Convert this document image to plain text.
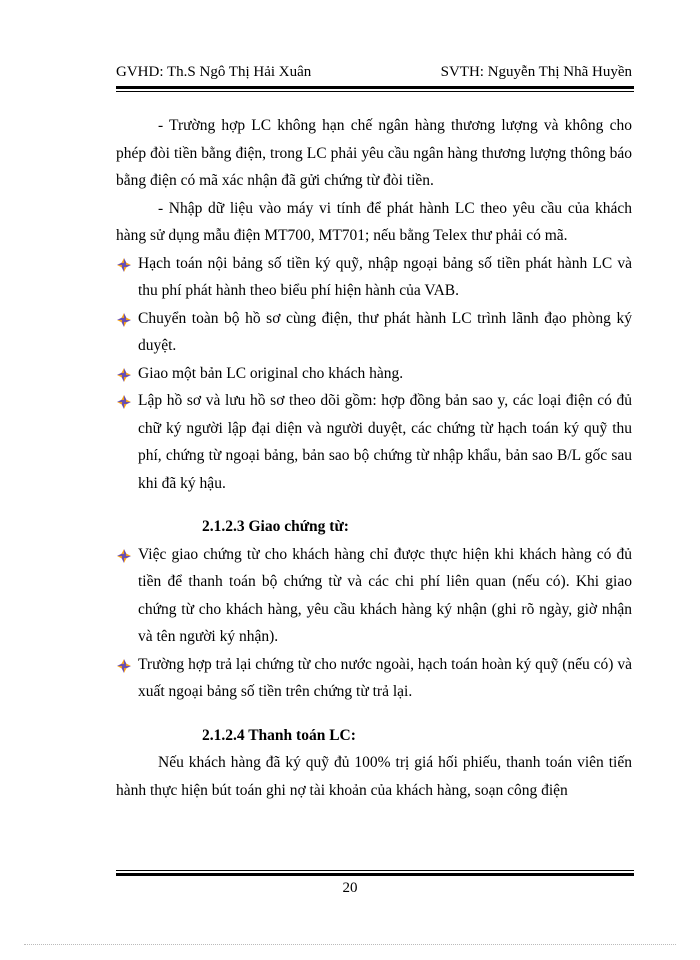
GVHD: Th.S Ngô Thị Hải Xuân	SVTH: Nguyễn Thị Nhã Huyền

- Trường hợp LC không hạn chế ngân hàng thương lượng và không cho phép đòi tiền bằng điện, trong LC phải yêu cầu ngân hàng thương lượng thông báo bằng điện có mã xác nhận đã gửi chứng từ đòi tiền.

- Nhập dữ liệu vào máy vi tính để phát hành LC theo yêu cầu của khách hàng sử dụng mẫu điện MT700, MT701; nếu bằng Telex thư phải có mã.

Hạch toán nội bảng số tiền ký quỹ, nhập ngoại bảng số tiền phát hành LC và thu phí phát hành theo biểu phí hiện hành của VAB.
Chuyển toàn bộ hồ sơ cùng điện, thư phát hành LC trình lãnh đạo phòng ký duyệt.
Giao một bản LC original cho khách hàng.
Lập hồ sơ và lưu hồ sơ theo dõi gồm: hợp đồng bản sao y, các loại điện có đủ chữ ký người lập đại diện và người duyệt, các chứng từ hạch toán ký quỹ thu phí, chứng từ ngoại bảng, bản sao bộ chứng từ nhập khẩu, bản sao B/L gốc sau khi đã ký hậu.

2.1.2.3 Giao chứng từ:

Việc giao chứng từ cho khách hàng chỉ được thực hiện khi khách hàng có đủ tiền để thanh toán bộ chứng từ và các chi phí liên quan (nếu có). Khi giao chứng từ cho khách hàng, yêu cầu khách hàng ký nhận (ghi rõ ngày, giờ nhận và tên người ký nhận).
Trường hợp trả lại chứng từ cho nước ngoài, hạch toán hoàn ký quỹ (nếu có) và xuất ngoại bảng số tiền trên chứng từ trả lại.

2.1.2.4 Thanh toán LC:

Nếu khách hàng đã ký quỹ đủ 100% trị giá hối phiếu, thanh toán viên tiến hành thực hiện bút toán ghi nợ tài khoản của khách hàng, soạn công điện

20
